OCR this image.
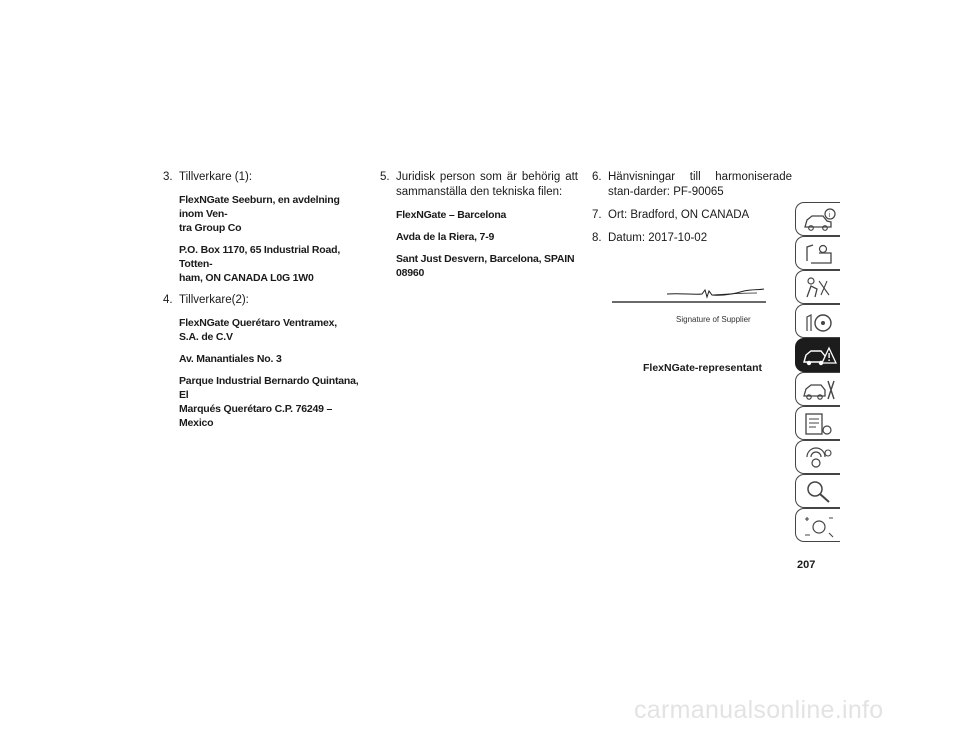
3. Tillverkare (1):
FlexNGate Seeburn, en avdelning inom Ven-
tra Group Co
P.O. Box 1170, 65 Industrial Road, Totten-
ham, ON CANADA L0G 1W0
4. Tillverkare(2):
FlexNGate Querétaro Ventramex,
S.A. de C.V
Av. Manantiales No. 3
Parque Industrial Bernardo Quintana, El
Marqués Querétaro C.P. 76249 – Mexico
5. Juridisk person som är behörig att sammanställa den tekniska filen:
FlexNGate – Barcelona
Avda de la Riera, 7-9
Sant Just Desvern, Barcelona, SPAIN
08960
6. Hänvisningar till harmoniserade stan-darder: PF-90065
7. Ort: Bradford, ON CANADA
8. Datum: 2017-10-02
Signature of Supplier
FlexNGate-representant
i
207
carmanualsonline.info
